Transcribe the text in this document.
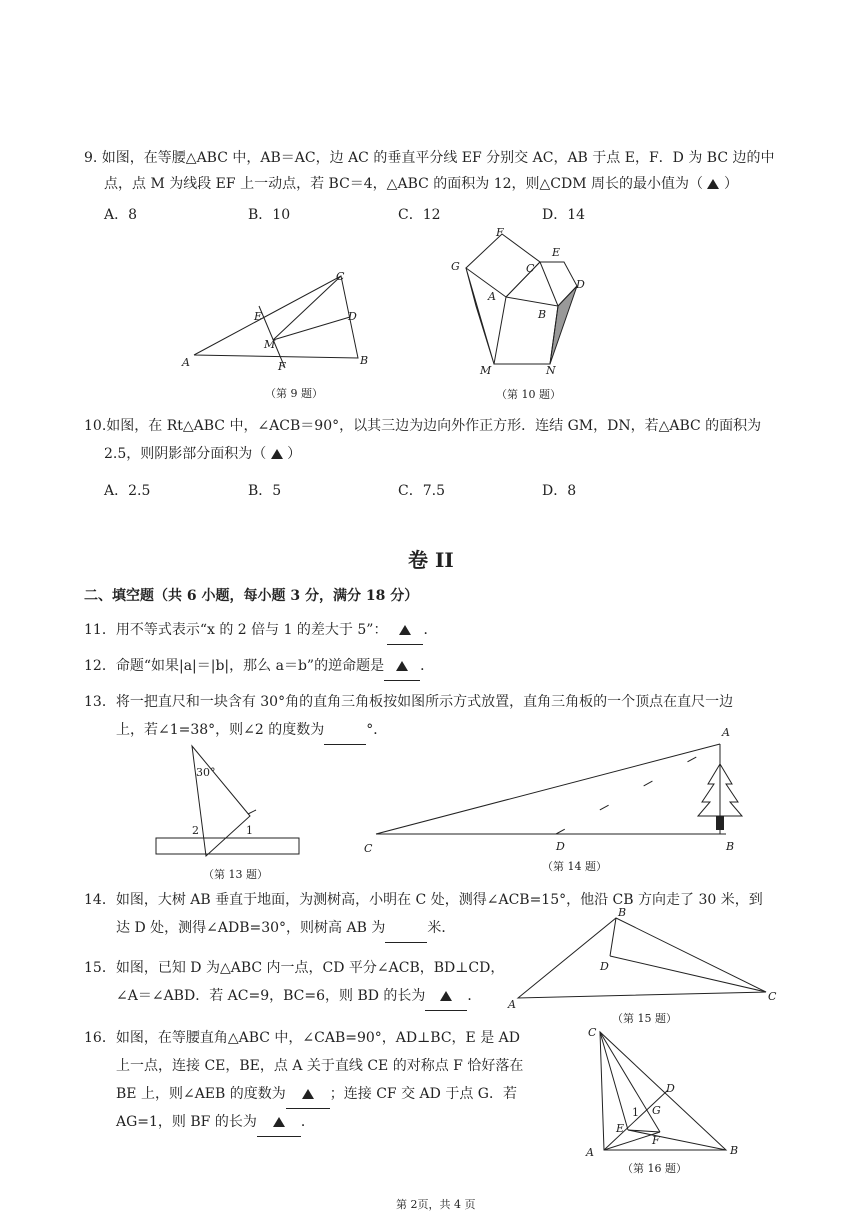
9. 如图，在等腰△ABC 中，AB＝AC，边 AC 的垂直平分线 EF 分别交 AC，AB 于点 E，F．D 为 BC 边的中
点，点 M 为线段 EF 上一动点，若 BC＝4，△ABC 的面积为 12，则△CDM 周长的最小值为（ ）
A．8	B．10	C．12	D．14
A	B
C
D
E
F
M
（第 9 题）
F
G	C
E
D
A
B
M	N
（第 10 题）
10.如图，在 Rt△ABC 中，∠ACB＝90°，以其三边为边向外作正方形．连结 GM，DN，若△ABC 的面积为
2.5，则阴影部分面积为（ ）
A．2.5	B．5	C．7.5	D．8
卷 II
二、填空题（共 6 小题，每小题 3 分，满分 18 分）
11．用不等式表示“x 的 2 倍与 1 的差大于 5”：	．
12．命题“如果|a|＝|b|，那么 a＝b”的逆命题是	．
13．将一把直尺和一块含有 30°角的直角三角板按如图所示方式放置，直角三角板的一个顶点在直尺一边
上，若∠1=38°，则∠2 的度数为	°．
30°
2	1
（第 13 题）
A
C	D	B
（第 14 题）
14．如图，大树 AB 垂直于地面，为测树高，小明在 C 处，测得∠ACB=15°，他沿 CB 方向走了 30 米，到
达 D 处，测得∠ADB=30°，则树高 AB 为	米．
15．如图，已知 D 为△ABC 内一点，CD 平分∠ACB，BD⊥CD，
∠A＝∠ABD．若 AC=9，BC=6，则 BD 的长为	．
A
B
C
D
（第 15 题）
16．如图，在等腰直角△ABC 中，∠CAB=90°，AD⊥BC，E 是 AD
上一点，连接 CE，BE，点 A 关于直线 CE 的对称点 F 恰好落在
BE 上，则∠AEB 的度数为	；连接 CF 交 AD 于点 G．若
AG=1，则 BF 的长为	．
C
A	B
D
G
E
F
1
（第 16 题）
第 2页，共 4 页
